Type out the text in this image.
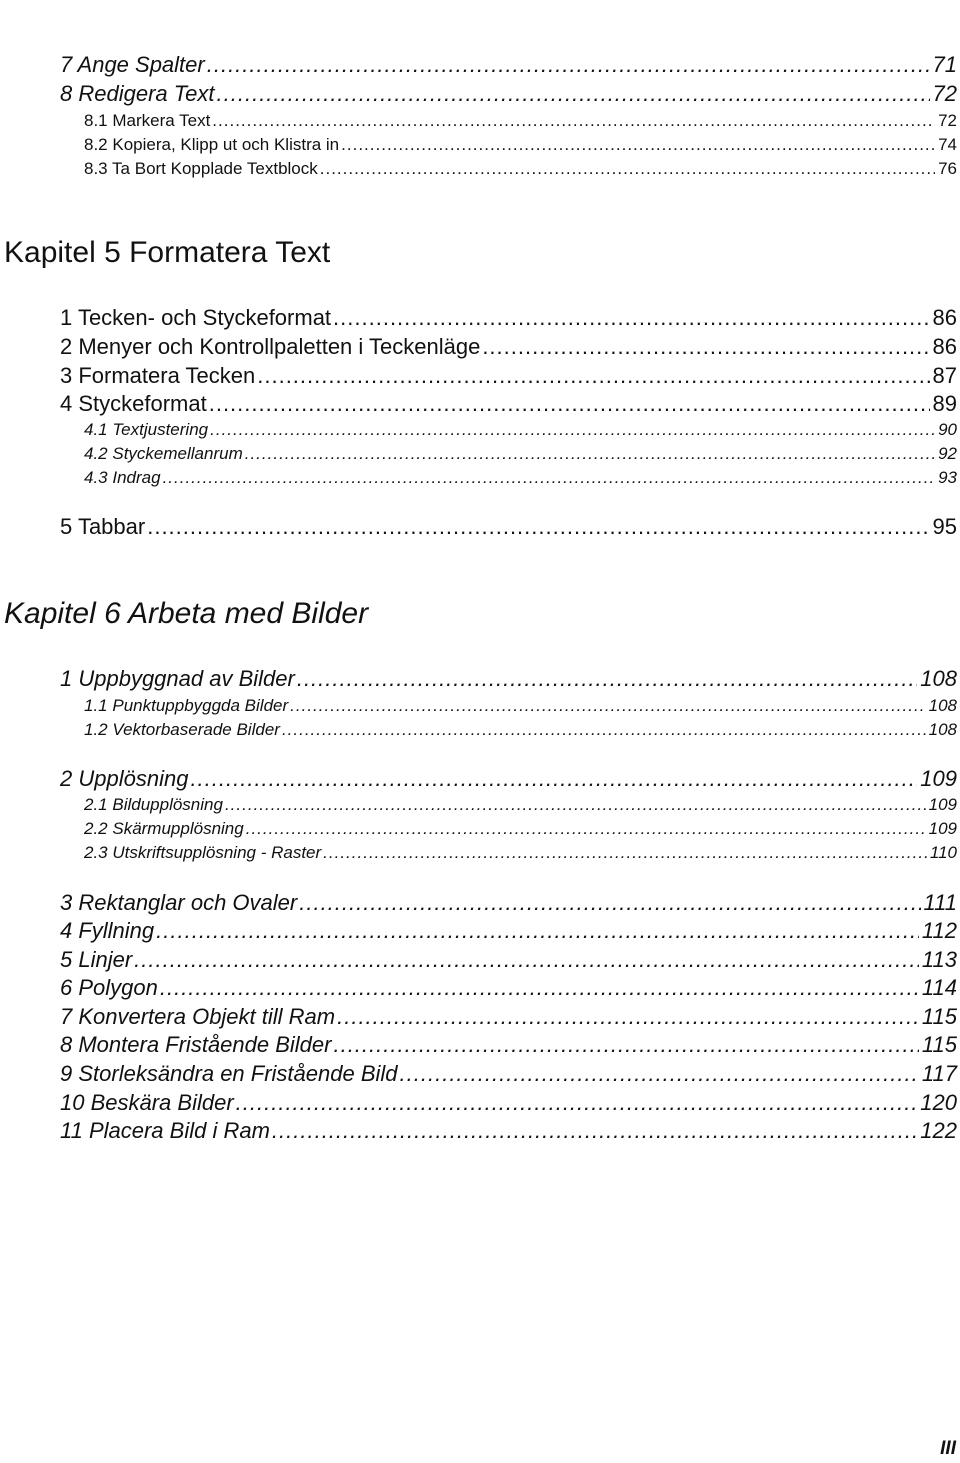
7 Ange Spalter .....	71
8 Redigera Text .....	72
8.1 Markera Text .....	72
8.2 Kopiera, Klipp ut och Klistra in .....	74
8.3 Ta Bort Kopplade Textblock .....	76
Kapitel 5 Formatera Text
1 Tecken- och Styckeformat .....	86
2 Menyer och Kontrollpaletten i Teckenläge .....	86
3 Formatera Tecken .....	87
4 Styckeformat .....	89
4.1 Textjustering .....	90
4.2 Styckemellanrum .....	92
4.3 Indrag .....	93
5 Tabbar .....	95
Kapitel 6 Arbeta med Bilder
1 Uppbyggnad av Bilder .....	108
1.1 Punktuppbyggda Bilder .....	108
1.2 Vektorbaserade Bilder .....	108
2 Upplösning .....	109
2.1 Bildupplösning .....	109
2.2 Skärmupplösning .....	109
2.3 Utskriftsupplösning - Raster .....	110
3 Rektanglar och Ovaler .....	111
4 Fyllning .....	112
5 Linjer .....	113
6 Polygon .....	114
7 Konvertera Objekt till Ram .....	115
8 Montera Fristående Bilder .....	115
9 Storleksändra en Fristående Bild .....	117
10 Beskära Bilder .....	120
11 Placera Bild i Ram .....	122
III
